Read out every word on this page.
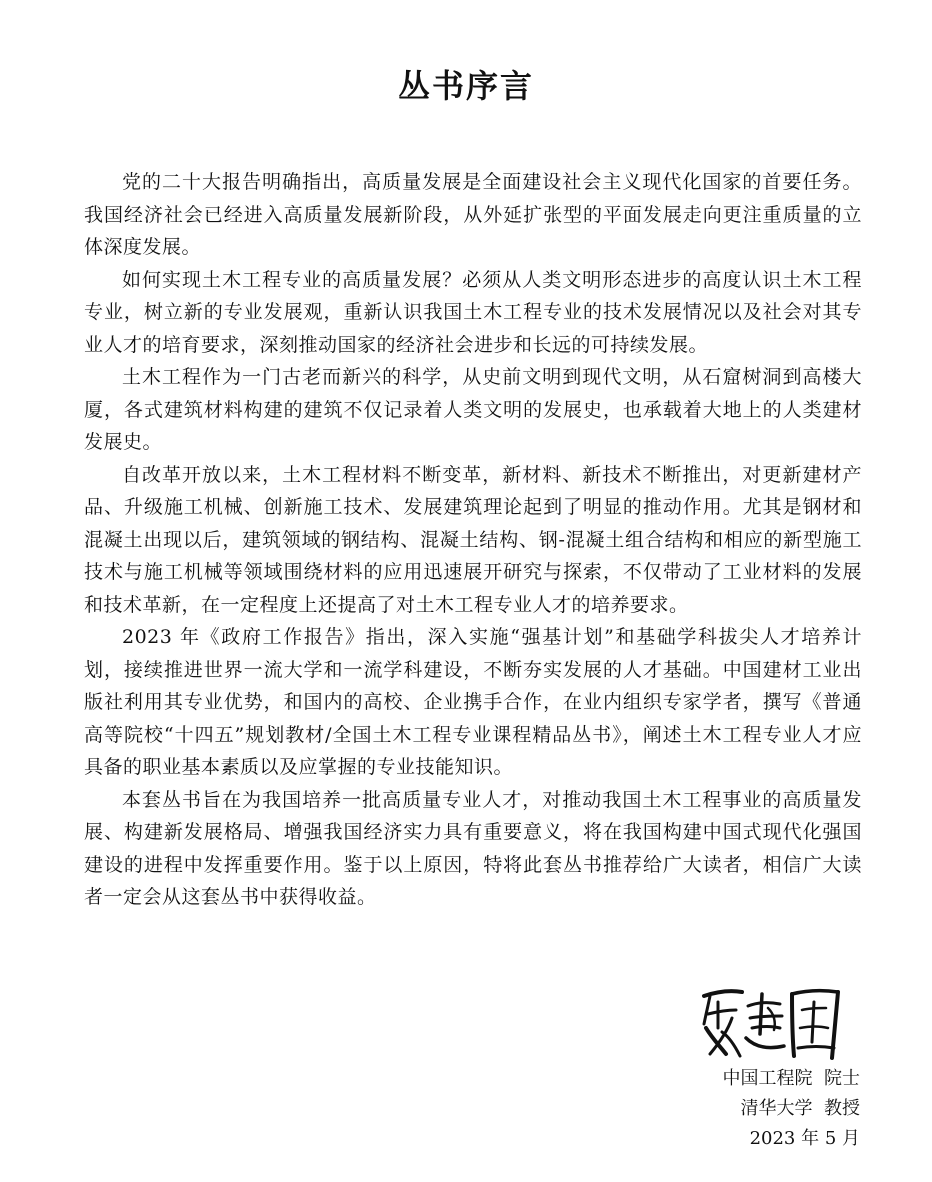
丛书序言

党的二十大报告明确指出，高质量发展是全面建设社会主义现代化国家的首要任务。我国经济社会已经进入高质量发展新阶段，从外延扩张型的平面发展走向更注重质量的立体深度发展。

如何实现土木工程专业的高质量发展？必须从人类文明形态进步的高度认识土木工程专业，树立新的专业发展观，重新认识我国土木工程专业的技术发展情况以及社会对其专业人才的培育要求，深刻推动国家的经济社会进步和长远的可持续发展。

土木工程作为一门古老而新兴的科学，从史前文明到现代文明，从石窟树洞到高楼大厦，各式建筑材料构建的建筑不仅记录着人类文明的发展史，也承载着大地上的人类建材发展史。

自改革开放以来，土木工程材料不断变革，新材料、新技术不断推出，对更新建材产品、升级施工机械、创新施工技术、发展建筑理论起到了明显的推动作用。尤其是钢材和混凝土出现以后，建筑领域的钢结构、混凝土结构、钢-混凝土组合结构和相应的新型施工技术与施工机械等领域围绕材料的应用迅速展开研究与探索，不仅带动了工业材料的发展和技术革新，在一定程度上还提高了对土木工程专业人才的培养要求。

2023 年《政府工作报告》指出，深入实施“强基计划”和基础学科拔尖人才培养计划，接续推进世界一流大学和一流学科建设，不断夯实发展的人才基础。中国建材工业出版社利用其专业优势，和国内的高校、企业携手合作，在业内组织专家学者，撰写《普通高等院校“十四五”规划教材/全国土木工程专业课程精品丛书》，阐述土木工程专业人才应具备的职业基本素质以及应掌握的专业技能知识。

本套丛书旨在为我国培养一批高质量专业人才，对推动我国土木工程事业的高质量发展、构建新发展格局、增强我国经济实力具有重要意义，将在我国构建中国式现代化强国建设的进程中发挥重要作用。鉴于以上原因，特将此套丛书推荐给广大读者，相信广大读者一定会从这套丛书中获得收益。

中国工程院  院士
清华大学  教授
2023 年 5 月
